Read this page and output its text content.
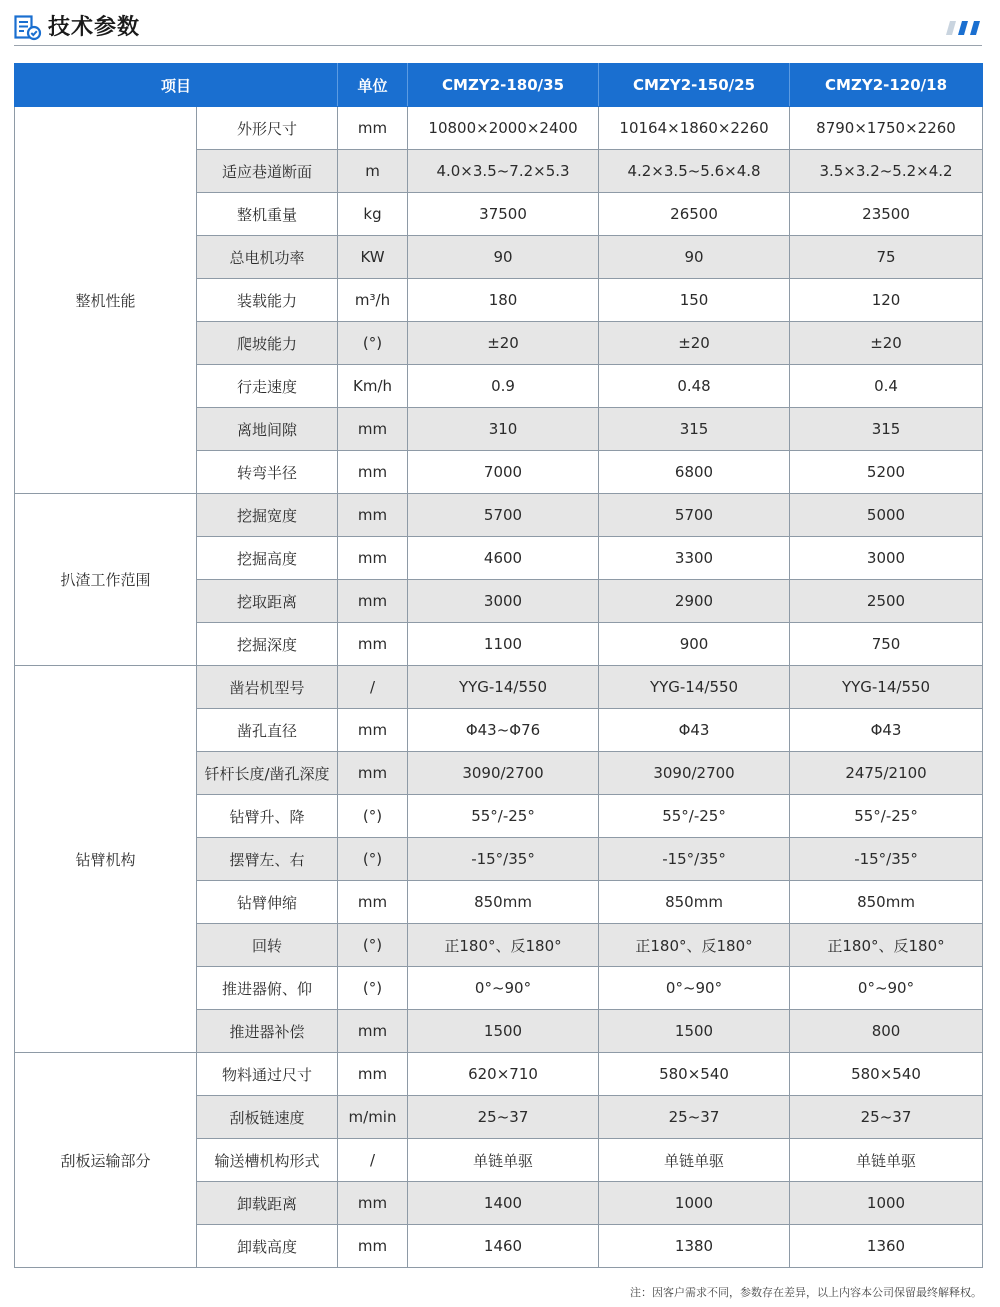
技术参数
项目		单位	CMZY2-180/35	CMZY2-150/25	CMZY2-120/18
整机性能	外形尺寸	mm	10800×2000×2400	10164×1860×2260	8790×1750×2260
	适应巷道断面	m	4.0×3.5~7.2×5.3	4.2×3.5~5.6×4.8	3.5×3.2~5.2×4.2
	整机重量	kg	37500	26500	23500
	总电机功率	KW	90	90	75
	装载能力	m³/h	180	150	120
	爬坡能力	(°)	±20	±20	±20
	行走速度	Km/h	0.9	0.48	0.4
	离地间隙	mm	310	315	315
	转弯半径	mm	7000	6800	5200
扒渣工作范围	挖掘宽度	mm	5700	5700	5000
	挖掘高度	mm	4600	3300	3000
	挖取距离	mm	3000	2900	2500
	挖掘深度	mm	1100	900	750
钻臂机构	凿岩机型号	/	YYG-14/550	YYG-14/550	YYG-14/550
	凿孔直径	mm	Φ43~Φ76	Φ43	Φ43
	钎杆长度/凿孔深度	mm	3090/2700	3090/2700	2475/2100
	钻臂升、降	(°)	55°/-25°	55°/-25°	55°/-25°
	摆臂左、右	(°)	-15°/35°	-15°/35°	-15°/35°
	钻臂伸缩	mm	850mm	850mm	850mm
	回转	(°)	正180°、反180°	正180°、反180°	正180°、反180°
	推进器俯、仰	(°)	0°~90°	0°~90°	0°~90°
	推进器补偿	mm	1500	1500	800
刮板运输部分	物料通过尺寸	mm	620×710	580×540	580×540
	刮板链速度	m/min	25~37	25~37	25~37
	输送槽机构形式	/	单链单驱	单链单驱	单链单驱
	卸载距离	mm	1400	1000	1000
	卸载高度	mm	1460	1380	1360
注：因客户需求不同，参数存在差异，以上内容本公司保留最终解释权。
